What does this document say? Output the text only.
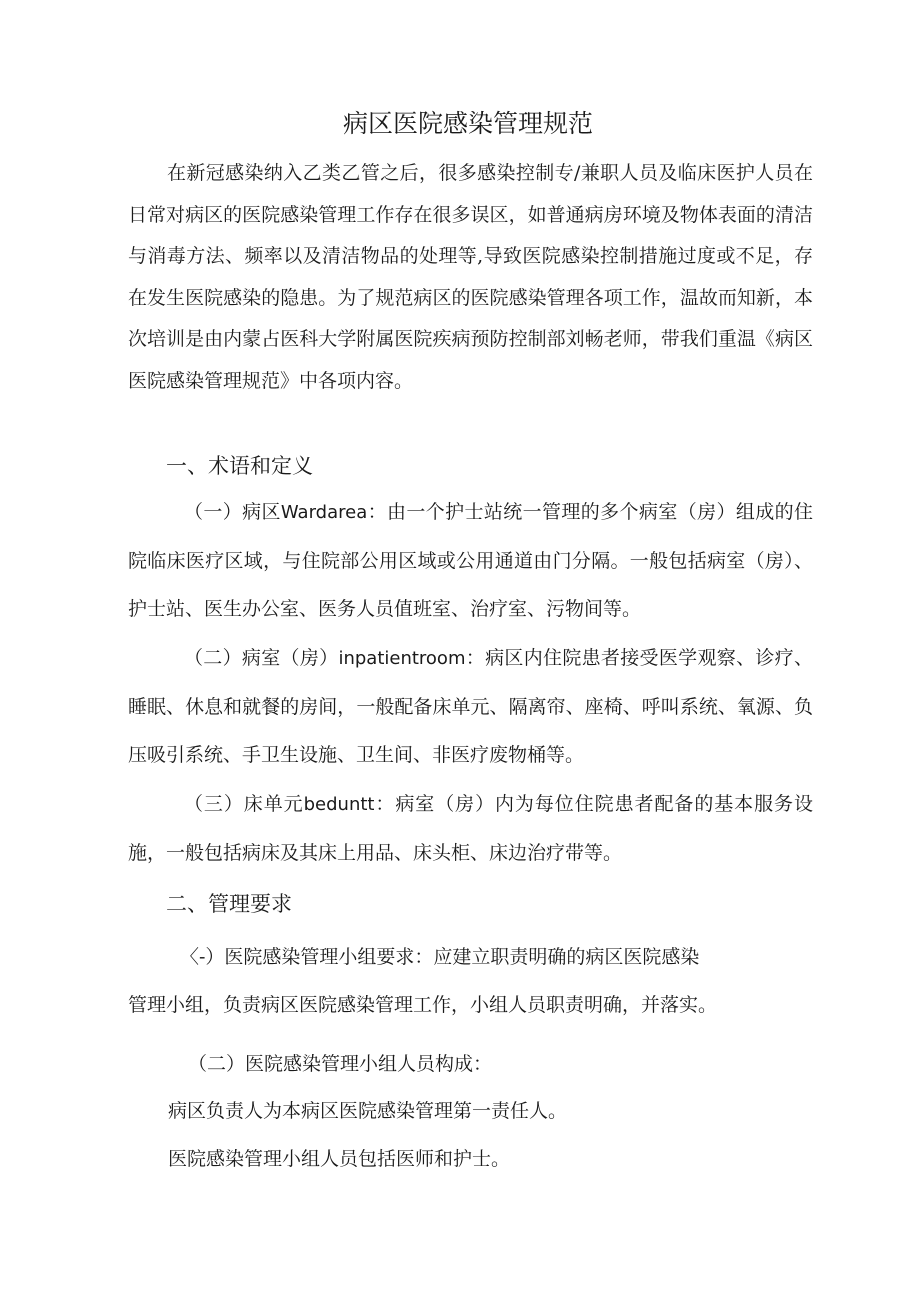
病区医院感染管理规范

在新冠感染纳入乙类乙管之后，很多感染控制专/兼职人员及临床医护人员在日常对病区的医院感染管理工作存在很多误区，如普通病房环境及物体表面的清洁与消毒方法、频率以及清洁物品的处理等,导致医院感染控制措施过度或不足，存在发生医院感染的隐患。为了规范病区的医院感染管理各项工作，温故而知新，本次培训是由内蒙占医科大学附属医院疾病预防控制部刘畅老师，带我们重温《病区医院感染管理规范》中各项内容。

一、术语和定义

（一）病区Wardarea：由一个护士站统一管理的多个病室（房）组成的住院临床医疗区域，与住院部公用区域或公用通道由门分隔。一般包括病室（房）、护士站、医生办公室、医务人员值班室、治疗室、污物间等。

（二）病室（房）inpatientroom：病区内住院患者接受医学观察、诊疗、睡眠、休息和就餐的房间，一般配备床单元、隔离帘、座椅、呼叫系统、氧源、负压吸引系统、手卫生设施、卫生间、非医疗废物桶等。

（三）床单元beduntt：病室（房）内为每位住院患者配备的基本服务设施，一般包括病床及其床上用品、床头柜、床边治疗带等。

二、管理要求

〈-）医院感染管理小组要求：应建立职责明确的病区医院感染
管理小组，负责病区医院感染管理工作，小组人员职责明确，并落实。

（二）医院感染管理小组人员构成：

病区负责人为本病区医院感染管理第一责任人。

医院感染管理小组人员包括医师和护士。
